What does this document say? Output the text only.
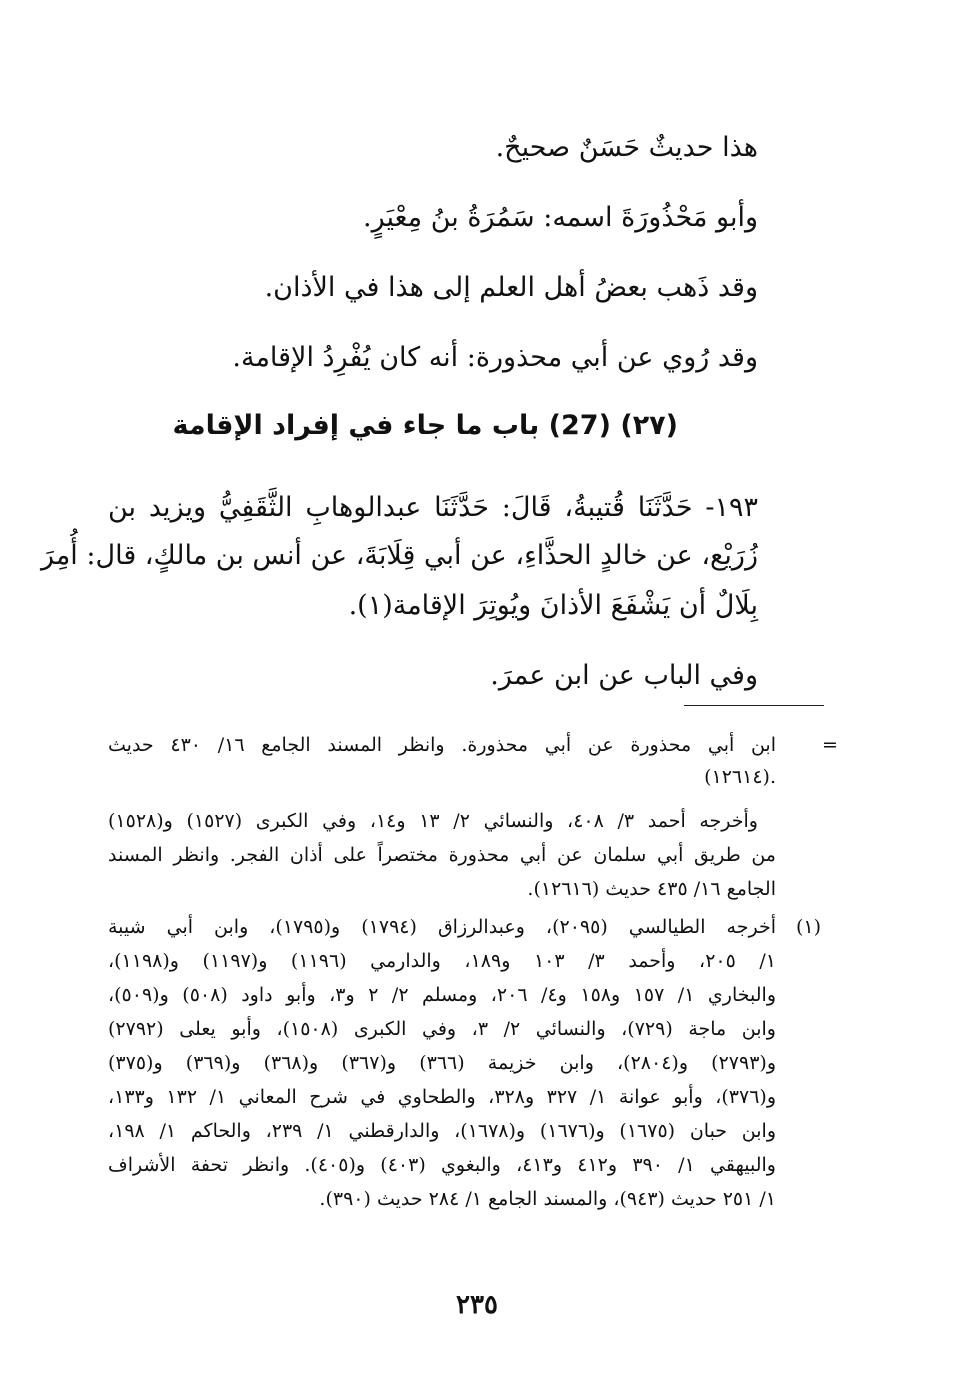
هذا حديثٌ حَسَنٌ صحيحٌ.
وأبو مَحْذُورَةَ اسمه: سَمُرَةُ بنُ مِعْيَرٍ.
وقد ذَهب بعضُ أهل العلم إلى هذا في الأذان.
وقد رُوي عن أبي محذورة: أنه كان يُفْرِدُ الإقامة.
(٢٧) (27) باب ما جاء في إفراد الإقامة
١٩٣- حَدَّثَنَا قُتيبةُ، قَالَ: حَدَّثَنَا عبدالوهابِ الثَّقَفِيُّ ويزيد بن
زُرَيْع، عن خالدٍ الحذَّاءِ، عن أبي قِلَابَةَ، عن أنس بن مالكٍ، قال: أُمِرَ
بِلَالٌ أن يَشْفَعَ الأذانَ ويُوتِرَ الإقامة(١).
وفي الباب عن ابن عمرَ.
=
ابن أبي محذورة عن أبي محذورة. وانظر المسند الجامع ١٦/ ٤٣٠ حديث
(١٢٦١٤).
وأخرجه أحمد ٣/ ٤٠٨، والنسائي ٢/ ١٣ و١٤، وفي الكبرى (١٥٢٧) و(١٥٢٨)
من طريق أبي سلمان عن أبي محذورة مختصراً على أذان الفجر. وانظر المسند
الجامع ١٦/ ٤٣٥ حديث (١٢٦١٦).
(١)
أخرجه الطيالسي (٢٠٩٥)، وعبدالرزاق (١٧٩٤) و(١٧٩٥)، وابن أبي شيبة
١/ ٢٠٥، وأحمد ٣/ ١٠٣ و١٨٩، والدارمي (١١٩٦) و(١١٩٧) و(١١٩٨)،
والبخاري ١/ ١٥٧ و١٥٨ و٤/ ٢٠٦، ومسلم ٢/ ٢ و٣، وأبو داود (٥٠٨) و(٥٠٩)،
وابن ماجة (٧٢٩)، والنسائي ٢/ ٣، وفي الكبرى (١٥٠٨)، وأبو يعلى (٢٧٩٢)
و(٢٧٩٣) و(٢٨٠٤)، وابن خزيمة (٣٦٦) و(٣٦٧) و(٣٦٨) و(٣٦٩) و(٣٧٥)
و(٣٧٦)، وأبو عوانة ١/ ٣٢٧ و٣٢٨، والطحاوي في شرح المعاني ١/ ١٣٢ و١٣٣،
وابن حبان (١٦٧٥) و(١٦٧٦) و(١٦٧٨)، والدارقطني ١/ ٢٣٩، والحاكم ١/ ١٩٨،
والبيهقي ١/ ٣٩٠ و٤١٢ و٤١٣، والبغوي (٤٠٣) و(٤٠٥). وانظر تحفة الأشراف
١/ ٢٥١ حديث (٩٤٣)، والمسند الجامع ١/ ٢٨٤ حديث (٣٩٠).
٢٣٥
